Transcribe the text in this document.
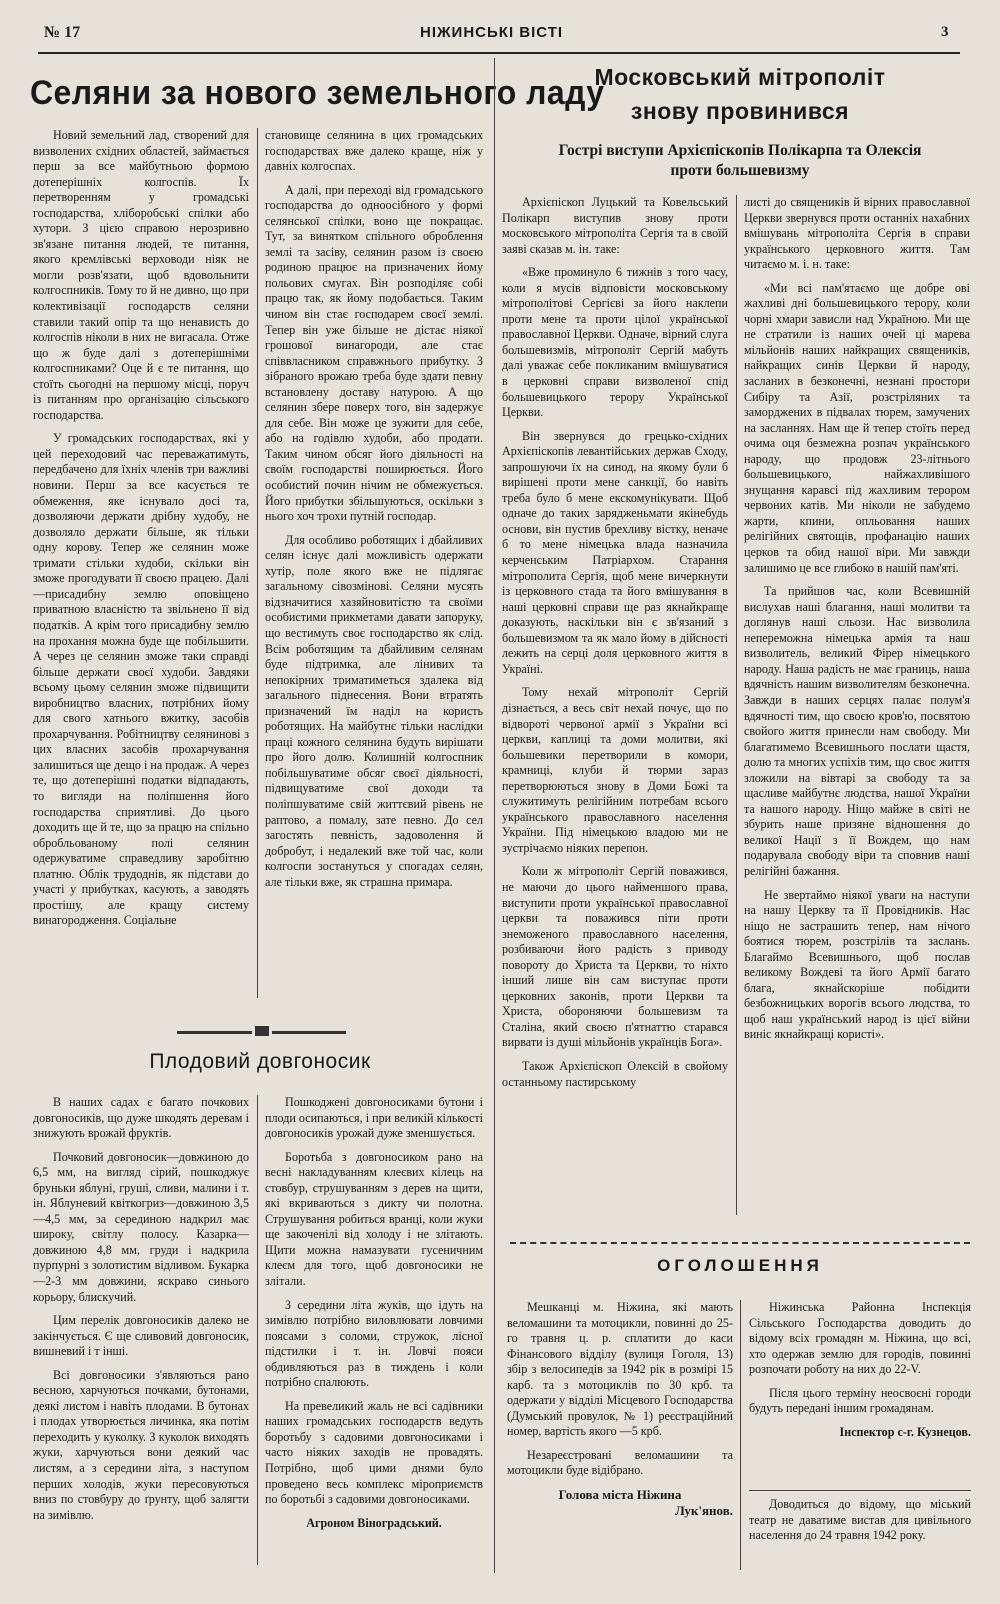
№ 17	НІЖИНСЬКІ ВІСТІ	3
Селяни за нового земельного ладу

Новий земельний лад, створений для визволених східних областей, займається перш за все майбутньою формою дотеперішніх колгоспів. Їх перетворенням у громадські господарства, хліборобські спілки або хутори. З цією справою нерозривно зв'язане питання людей, те питання, якого кремлівські верховоди ніяк не могли розв'язати, щоб вдовольнити колгоспників. Тому то й не дивно, що при колективізації господарств селяни ставили такий опір та що ненависть до колгоспів ніколи в них не вигасала. Отже що ж буде далі з дотеперішніми колгоспниками? Оце й є те питання, що стоїть сьогодні на першому місці, поруч із питанням про організацію сільського господарства.

У громадських господарствах, які у цей переходовий час переважатимуть, передбачено для їхніх членів три важливі новини. Перш за все касується те обмеження, яке існувало досі та, дозволяючи держати дрібну худобу, не дозволяло держати більше, як тільки одну корову. Тепер же селянин може тримати стільки худоби, скільки він зможе прогодувати її своєю працею. Далі—присадибну землю оповіщено приватною власністю та звільнено її від податків. А крім того присадибну землю на прохання можна буде ще побільшити. А через це селянин зможе таки справді більше держати своєї худоби. Завдяки всьому цьому селянин зможе підвищити виробництво власних, потрібних йому для свого хатнього вжитку, засобів прохарчування. Робітництву селянинові з цих власних засобів прохарчування залишиться ще дещо і на продаж. А через те, що дотеперішні податки відпадають, то вигляди на поліпшення його господарства сприятливі. До цього доходить ще й те, що за працю на спільно обробльованому полі селянин одержуватиме справедливу заробітню платню. Облік трудоднів, як підстави до участі у прибутках, касують, а заводять простішу, але кращу систему винагородження. Соціальне

становище селянина в цих громадських господарствах вже далеко краще, ніж у давніх колгоспах.

А далі, при переході від громадського господарства до одноосібного у формі селянської спілки, воно ще покращає. Тут, за винятком спільного оброблення землі та засіву, селянин разом із своєю родиною працює на призначених йому польових смугах. Він розподіляє собі працю так, як йому подобається. Таким чином він стає господарем своєї землі. Тепер він уже більше не дістає ніякої грошової винагороди, але стає співвласником справжнього прибутку. З зібраного врожаю треба буде здати певну встановлену доставу натурою. А що селянин збере поверх того, він задержує для себе. Він може це зужити для себе, або на годівлю худоби, або продати. Таким чином обсяг його діяльності на своїм господарстві поширюється. Його особистий почин нічим не обмежується. Його прибутки збільшуються, оскільки з нього хоч трохи путній господар.

Для особливо роботящих і дбайливих селян існує далі можливість одержати хутір, поле якого вже не підлягає загальному сівозмінові. Селяни мусять відзначитися хазяйновитістю та своїми особистими прикметами давати запоруку, що вестимуть своє господарство як слід. Всім роботящим та дбайливим селянам буде підтримка, але лінивих та непокірних триматиметься здалека від загального піднесення. Вони втратять призначений їм наділ на користь роботящих. На майбутнє тільки наслідки праці кожного селянина будуть вирішати про його долю. Колишній колгоспник побільшуватиме обсяг своєї діяльності, підвищуватиме свої доходи та поліпшуватиме свій життєвий рівень не раптово, а помалу, зате певно. До сел загостять певність, задоволення й добробут, і недалекий вже той час, коли колгоспи зостануться у спогадах селян, але тільки вже, як страшна примара.

Плодовий довгоносик

В наших садах є багато почкових довгоносиків, що дуже шкодять деревам і знижують врожай фруктів.

Почковий довгоносик—довжиною до 6,5 мм, на вигляд сірий, пошкоджує бруньки яблуні, груші, сливи, малини і т. ін. Яблуневий квіткогриз—довжиною 3,5—4,5 мм, за серединою надкрил має широку, світлу полосу. Казарка—довжиною 4,8 мм, груди і надкрила пурпурні з золотистим відливом. Букарка—2-3 мм довжини, яскраво синього корьору, блискучий.

Цим перелік довгоносиків далеко не закінчується. Є ще сливовий довгоносик, вишневий і т інші.

Всі довгоносики з'являються рано весною, харчуються почками, бутонами, деякі листом і навіть плодами. В бутонах і плодах утворюється личинка, яка потім переходить у куколку. З куколок виходять жуки, харчуються вони деякий час листям, а з середини літа, з наступом перших холодів, жуки пересовуються вниз по стовбуру до ґрунту, щоб залягти на зимівлю.

Пошкоджені довгоносиками бутони і плоди осипаються, і при великій кількості довгоносиків урожай дуже зменшується.

Боротьба з довгоносиком рано на весні накладуванням клеєвих кілець на стовбур, струшуванням з дерев на щити, які вкриваються з дикту чи полотна. Струшування робиться вранці, коли жуки ще закоченілі від холоду і не злітають. Щити можна намазувати гусеничним клеєм для того, щоб довгоносики не злітали.

З середини літа жуків, що ідуть на зимівлю потрібно виловлювати ловчими поясами з соломи, стружок, лісної підстилки і т. ін. Ловчі пояси обдивляються раз в тиждень і коли потрібно спалюють.

На превеликий жаль не всі садівники наших громадських господарств ведуть боротьбу з садовими довгоносиками і часто ніяких заходів не провадять. Потрібно, щоб цими днями було проведено весь комплекс міроприємств по боротьбі з садовими довгоносиками.

Агроном Віноградський.

Московський мітрополіт
знову провинився
Гострі виступи Архієпіскопів Полікарпа та Олексія
проти большевизму

Архієпіскоп Луцький та Ковельський Полікарп виступив знову проти московського мітрополіта Сергія та в своїй заяві сказав м. ін. таке:

«Вже проминуло 6 тижнів з того часу, коли я мусів відповісти московському мітрополітові Сергієві за його наклепи проти мене та проти цілої української православної Церкви. Одначе, вірний слуга большевизмів, мітрополіт Сергій мабуть далі уважає себе покликаним вмішуватися в церковні справи визволеної спід большевицького терору Української Церкви.

Він звернувся до грецько-східних Архієпіскопів левантійських держав Сходу, запрошуючи їх на синод, на якому були б вирішені проти мене санкції, бо навіть треба було б мене екскомунікувати. Щоб одначе до таких зарядженьмати якінебудь основи, він пустив брехливу вістку, неначе б то мене німецька влада назначила керченським Патріархом. Старання мітрополита Сергія, щоб мене вичеркнути із церковного стада та його вмішування в наші церковні справи ще раз якнайкраще доказують, наскільки він є зв'язаний з большевизмом та як мало йому в дійсності лежить на серці доля церковного життя в Україні.

Тому нехай мітрополіт Сергій дізнається, а весь світ нехай почує, що по відвороті червоної армії з України всі церкви, каплиці та доми молитви, які большевики перетворили в комори, крамниці, клуби й тюрми зараз перетворюються знову в Доми Божі та служитимуть релігійним потребам всього українського православного населення України. Під німецькою владою ми не зустрічаємо ніяких перепон.

Коли ж мітрополіт Сергій поважився, не маючи до цього найменшого права, виступити проти української православної церкви та поважився піти проти знеможеного православного населення, розбиваючи його радість з приводу повороту до Христа та Церкви, то ніхто інший лише він сам виступає проти церковних законів, проти Церкви та Христа, обороняючи большевизм та Сталіна, який своєю п'ятнаттю старався вирвати із душі мільйонів українців Бога».

Також Архієпіскоп Олексій в свойому останньому пастирському

листі до священиків й вірних православної Церкви звернувся проти останніх нахабних вмішувань мітрополіта Сергія в справи українського церковного життя. Там читаємо м. і. н. таке:

«Ми всі пам'ятаємо ще добре ові жахливі дні большевицького терору, коли чорні хмари зависли над Україною. Ми ще не стратили із наших очей ці марева мільйонів наших найкращих священиків, найкращих синів Церкви й народу, засланих в безконечні, незнані простори Сибіру та Азії, розстріляних та заморджених в підвалах тюрем, замучених на засланнях. Нам ще й тепер стоїть перед очима оця безмежна розпач українського народу, що продовж 23-літнього большевицького, найжахливішого знущання каравсі під жахливим терором червоних катів. Ми ніколи не забудемо жарти, кпини, опльовання наших релігійних святощів, профанацію наших церков та обид нашої віри. Ми завжди залишимо це все глибоко в нашій пам'яті.

Та прийшов час, коли Всевишній вислухав наші благання, наші молитви та доглянув наші сльози. Нас визволила непереможна німецька армія та наш визволитель, великий Фірер німецького народу. Наша радість не має границь, наша вдячність нашим визволителям безконечна. Завжди в наших серцях палає полум'я вдячності тим, що своєю кров'ю, посвятою свойого життя принесли нам свободу. Ми благатимемо Всевишнього послати щастя, долю та многих успіхів тим, що своє життя зложили на вівтарі за свободу та за щасливе майбутнє людства, нашої України та нашого народу. Ніщо майже в світі не збурить наше призяне відношення до великої Нації з її Вождем, що нам подарувала свободу віри та сповнив наші релігійні бажання.

Не звертаймо ніякої уваги на наступи на нашу Церкву та її Провідників. Нас ніщо не застрашить тепер, нам нічого боятися тюрем, розстрілів та заслань. Благаймо Всевишнього, щоб послав великому Вождеві та його Армії багато блага, якнайскоріше побідити безбожницьких ворогів всього людства, то щоб наш український народ із цієї війни виніс якнайкращі користі».

ОГОЛОШЕННЯ

Мешканці м. Ніжина, які мають веломашини та мотоцикли, повинні до 25-го травня ц. р. сплатити до каси Фінансового відділу (вулиця Гоголя, 13) збір з велосипедів за 1942 рік в розмірі 15 карб. та з мотоциклів по 30 крб. та одержати у відділі Місцевого Господарства (Думський провулок, № 1) реєстраційний номер, вартість якого —5 крб.

Незареєстровані веломашини та мотоцикли буде відібрано.

Голова міста Ніжина

Лук'янов.

Ніжинська Районна Інспекція Сільського Господарства доводить до відому всіх громадян м. Ніжина, що всі, хто одержав землю для городів, повинні розпочати роботу на них до 22-V.

Після цього терміну неосвоєні городи будуть передані іншим громадянам.

Інспектор с-г. Кузнецов.

Доводиться до відому, що міський театр не даватиме вистав для цивільного населення до 24 травня 1942 року.
